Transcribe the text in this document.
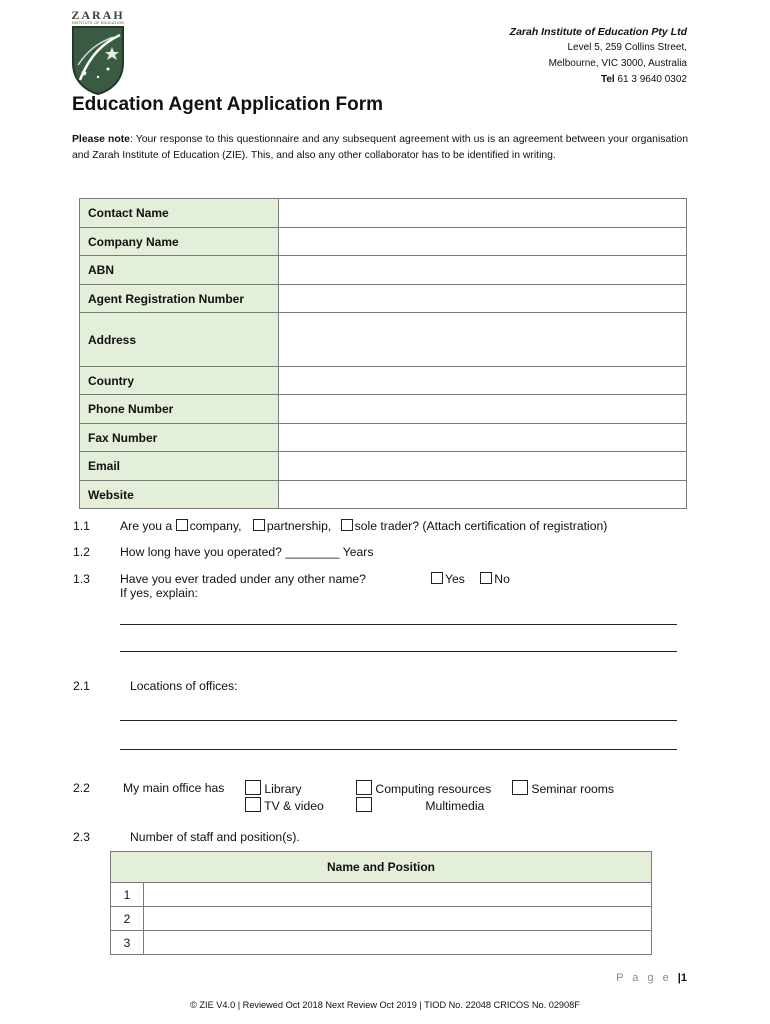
ZARAH
INSTITUTE OF EDUCATION
Zarah Institute of Education Pty Ltd
Level 5, 259 Collins Street,
Melbourne, VIC 3000, Australia
Tel 61 3 9640 0302
Education Agent Application Form
Please note: Your response to this questionnaire and any subsequent agreement with us is an agreement between your organisation and Zarah Institute of Education (ZIE). This, and also any other collaborator has to be identified in writing.
Contact Name	
Company Name	
ABN	
Agent Registration Number	
Address	
Country	
Phone Number	
Fax Number	
Email	
Website	
1.1 Are you a company, partnership, sole trader? (Attach certification of registration)
1.2 How long have you operated? ________ Years
1.3 Have you ever traded under any other name?
If yes, explain:
Yes No
2.1	Locations of offices:
2.2	My main office has	Library	Computing resources	Seminar rooms
TV & video	Multimedia
2.3	Number of staff and position(s).
Name and Position	
1	
2	
3	
P a g e |1
© ZIE V4.0 | Reviewed Oct 2018 Next Review Oct 2019 | TIOD No. 22048 CRICOS No. 02908F
